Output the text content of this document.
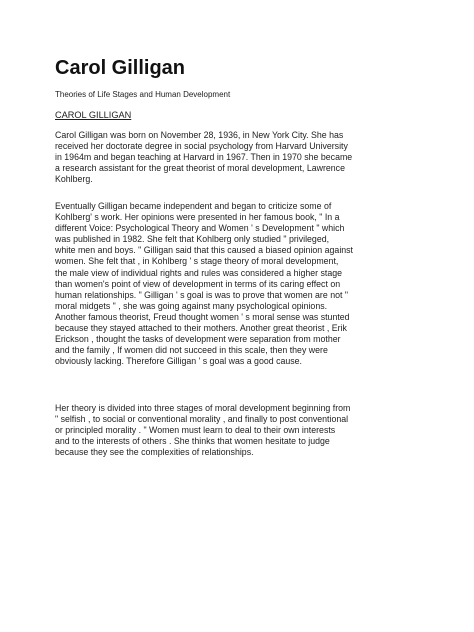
Carol Gilligan
Theories of Life Stages and Human Development
CAROL GILLIGAN
Carol Gilligan was born on November 28, 1936, in New York City. She has
received her doctorate degree in social psychology from Harvard University
in 1964m and began teaching at Harvard in 1967. Then in 1970 she became
a research assistant for the great theorist of moral development, Lawrence
Kohlberg.
Eventually Gilligan became independent and began to criticize some of
Kohlberg' s work. Her opinions were presented in her famous book, " In a
different Voice: Psychological Theory and Women ' s Development " which
was published in 1982. She felt that Kohlberg only studied " privileged,
white men and boys. " Gilligan said that this caused a biased opinion against
women. She felt that , in Kohlberg ' s stage theory of moral development,
the male view of individual rights and rules was considered a higher stage
than women's point of view of development in terms of its caring effect on
human relationships. " Gilligan ' s goal is was to prove that women are not "
moral midgets " , she was going against many psychological opinions.
Another famous theorist, Freud thought women ' s moral sense was stunted
because they stayed attached to their mothers. Another great theorist , Erik
Erickson , thought the tasks of development were separation from mother
and the family , If women did not succeed in this scale, then they were
obviously lacking. Therefore Gilligan ' s goal was a good cause.
Her theory is divided into three stages of moral development beginning from
" selfish , to social or conventional morality , and finally to post conventional
or principled morality . " Women must learn to deal to their own interests
and to the interests of others . She thinks that women hesitate to judge
because they see the complexities of relationships.
